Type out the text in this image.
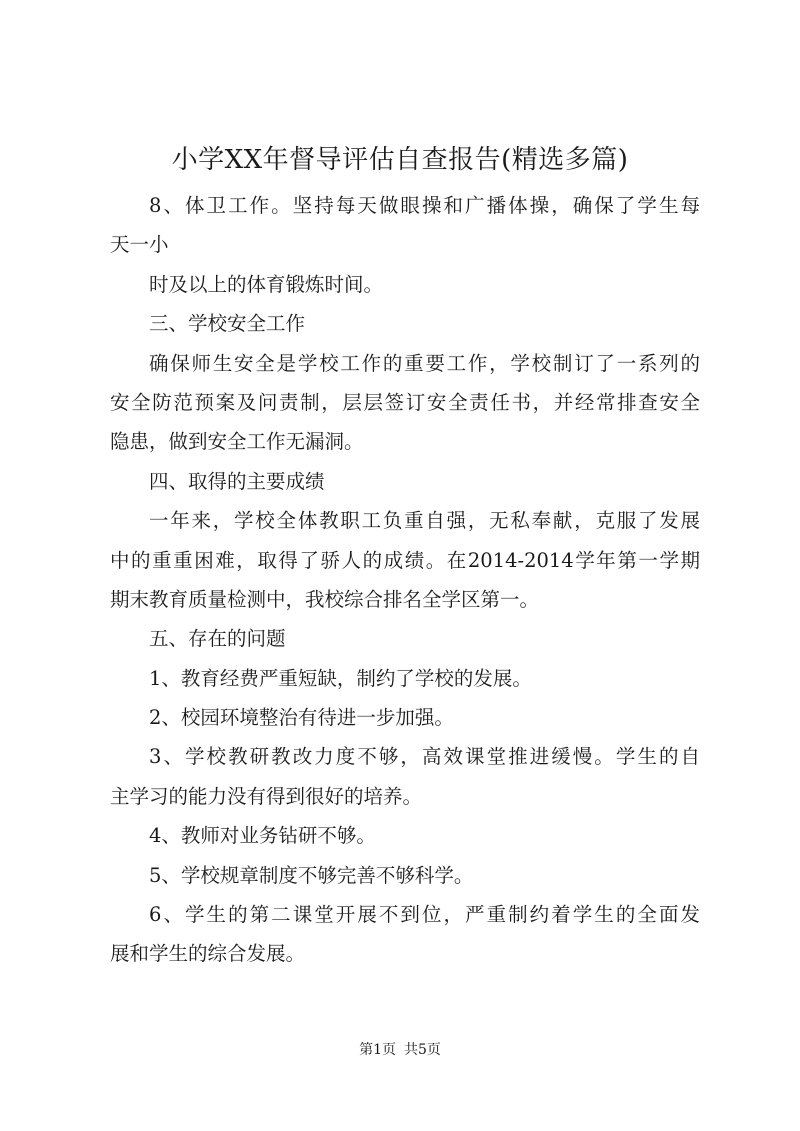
小学XX年督导评估自查报告(精选多篇)
8、体卫工作。坚持每天做眼操和广播体操，确保了学生每
天一小
时及以上的体育锻炼时间。
三、学校安全工作
确保师生安全是学校工作的重要工作，学校制订了一系列的
安全防范预案及问责制，层层签订安全责任书，并经常排查安全
隐患，做到安全工作无漏洞。
四、取得的主要成绩
一年来，学校全体教职工负重自强，无私奉献，克服了发展
中的重重困难，取得了骄人的成绩。在2014-2014学年第一学期
期末教育质量检测中，我校综合排名全学区第一。
五、存在的问题
1、教育经费严重短缺，制约了学校的发展。
2、校园环境整治有待进一步加强。
3、学校教研教改力度不够，高效课堂推进缓慢。学生的自
主学习的能力没有得到很好的培养。
4、教师对业务钻研不够。
5、学校规章制度不够完善不够科学。
6、学生的第二课堂开展不到位，严重制约着学生的全面发
展和学生的综合发展。
第1页 共5页
